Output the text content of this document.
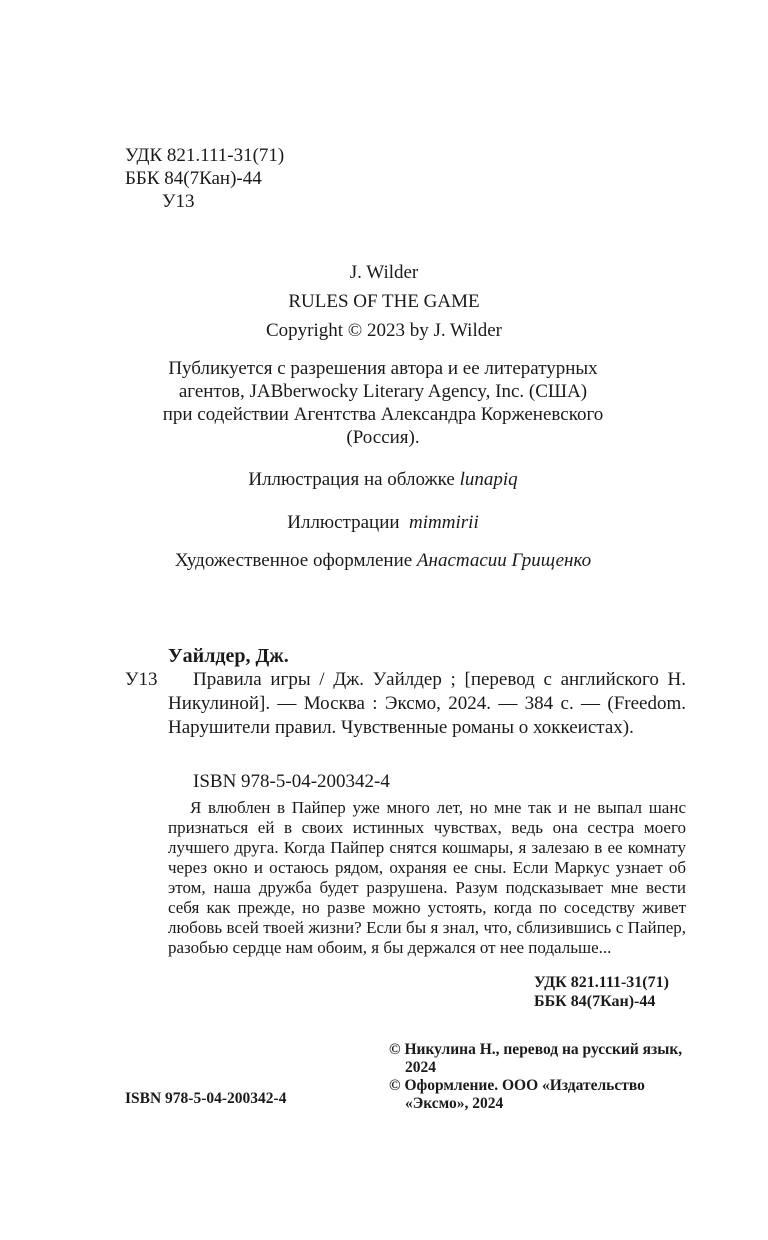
УДК 821.111-31(71)
ББК 84(7Кан)-44
У13
J. Wilder
RULES OF THE GAME
Copyright © 2023 by J. Wilder
Публикуется с разрешения автора и ее литературных
агентов, JABberwocky Literary Agency, Inc. (США)
при содействии Агентства Александра Корженевского
(Россия).
Иллюстрация на обложке lunapiq
Иллюстрации  mimmirii
Художественное оформление Анастасии Грищенко
Уайлдер, Дж.
У13	Правила игры / Дж. Уайлдер ; [перевод с английского Н. Никулиной]. — Москва : Эксмо, 2024. — 384 с. — (Freedom. Нарушители правил. Чувственные романы о хоккеистах).

ISBN 978-5-04-200342-4

Я влюблен в Пайпер уже много лет, но мне так и не выпал шанс признаться ей в своих истинных чувствах, ведь она сестра моего лучшего друга. Когда Пайпер снятся кошмары, я залезаю в ее комнату через окно и остаюсь рядом, охраняя ее сны. Если Маркус узнает об этом, наша дружба будет разрушена. Разум подсказывает мне вести себя как прежде, но разве можно устоять, когда по соседству живет любовь всей твоей жизни? Если бы я знал, что, сблизившись с Пайпер, разобью сердце нам обоим, я бы держался от нее подальше...

УДК 821.111-31(71)
ББК 84(7Кан)-44
© Никулина Н., перевод на русский язык, 2024
© Оформление. ООО «Издательство «Эксмо», 2024
ISBN 978-5-04-200342-4
